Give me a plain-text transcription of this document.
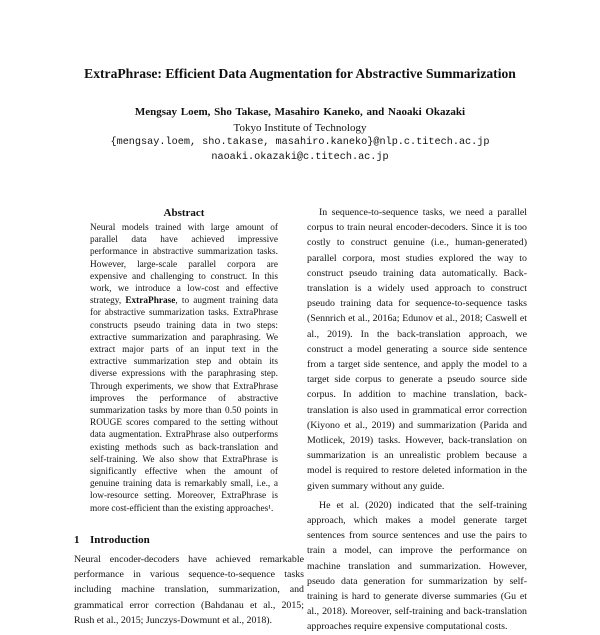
ExtraPhrase: Efficient Data Augmentation for Abstractive Summarization
Mengsay Loem, Sho Takase, Masahiro Kaneko, and Naoaki Okazaki
Tokyo Institute of Technology
{mengsay.loem, sho.takase, masahiro.kaneko}@nlp.c.titech.ac.jp
naoaki.okazaki@c.titech.ac.jp
Abstract
Neural models trained with large amount of parallel data have achieved impressive performance in abstractive summarization tasks. However, large-scale parallel corpora are expensive and challenging to construct. In this work, we introduce a low-cost and effective strategy, ExtraPhrase, to augment training data for abstractive summarization tasks. ExtraPhrase constructs pseudo training data in two steps: extractive summarization and paraphrasing. We extract major parts of an input text in the extractive summarization step and obtain its diverse expressions with the paraphrasing step. Through experiments, we show that ExtraPhrase improves the performance of abstractive summarization tasks by more than 0.50 points in ROUGE scores compared to the setting without data augmentation. ExtraPhrase also outperforms existing methods such as back-translation and self-training. We also show that ExtraPhrase is significantly effective when the amount of genuine training data is remarkably small, i.e., a low-resource setting. Moreover, ExtraPhrase is more cost-efficient than the existing approaches¹.
1 Introduction
Neural encoder-decoders have achieved remarkable performance in various sequence-to-sequence tasks including machine translation, summarization, and grammatical error correction (Bahdanau et al., 2015; Rush et al., 2015; Junczys-Dowmunt et al., 2018).

In sequence-to-sequence tasks, we need a parallel corpus to train neural encoder-decoders. Since it is too costly to construct genuine (i.e., human-generated) parallel corpora, most studies explored the way to construct pseudo training data automatically. Back-translation is a widely used approach to construct pseudo training data for sequence-to-sequence tasks (Sennrich et al., 2016a; Edunov et al., 2018; Caswell et al., 2019). In the back-translation approach, we construct a model generating a source side sentence from a target side sentence, and apply the model to a target side corpus to generate a pseudo source side corpus. In addition to machine translation, back-translation is also used in grammatical error correction (Kiyono et al., 2019) and summarization (Parida and Motlicek, 2019) tasks. However, back-translation on summarization is an unrealistic problem because a model is required to restore deleted information in the given summary without any guide.

He et al. (2020) indicated that the self-training approach, which makes a model generate target sentences from source sentences and use the pairs to train a model, can improve the performance on machine translation and summarization. However, pseudo data generation for summarization by self-training is hard to generate diverse summaries (Gu et al., 2018). Moreover, self-training and back-translation approaches require expensive computational costs.
